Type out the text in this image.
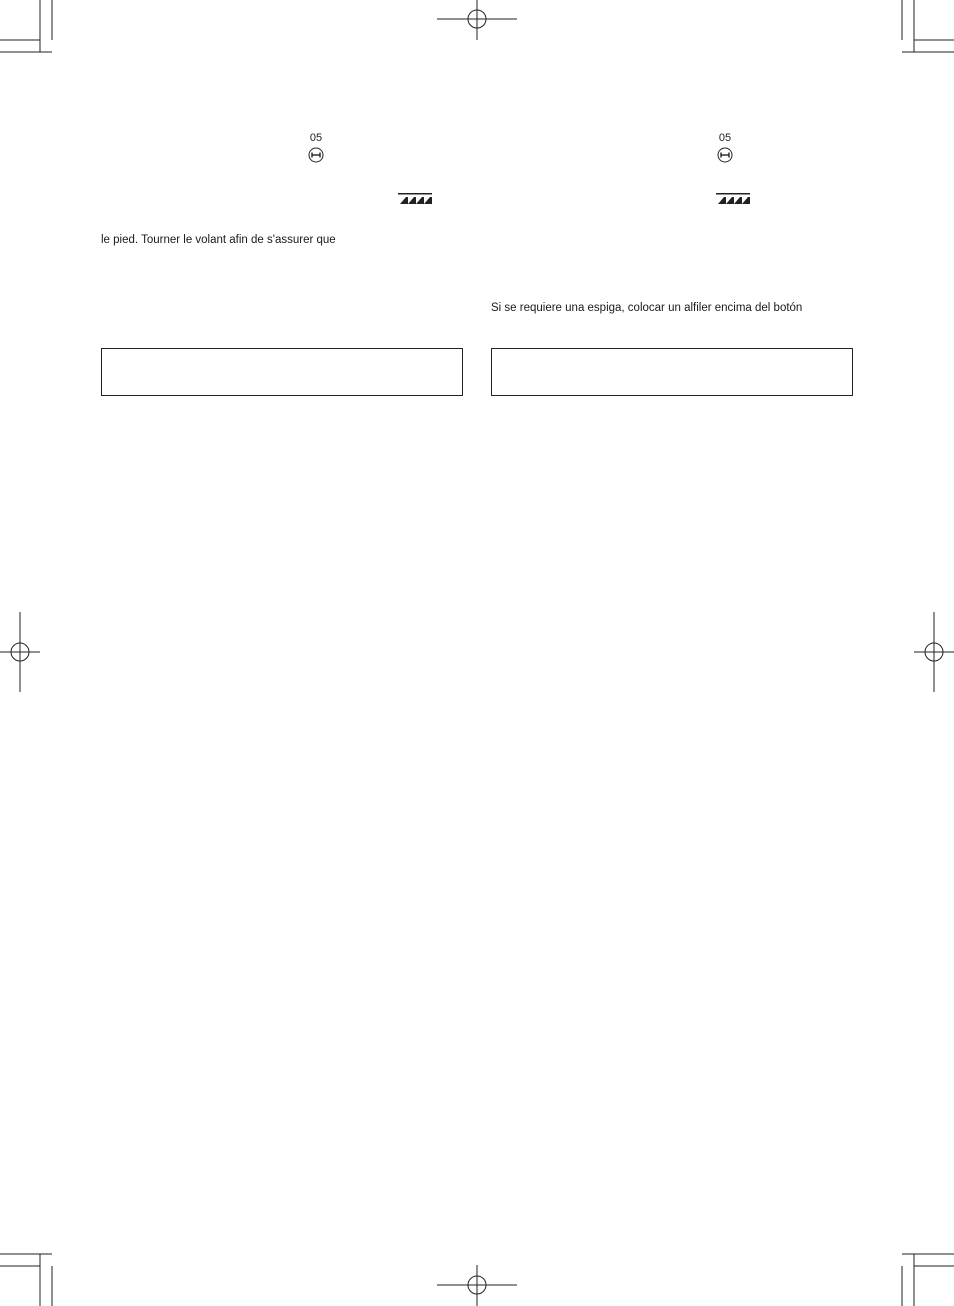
05

le pied. Tourner le volant afin de s'assurer que

05

Si se requiere una espiga, colocar un alfiler encima del botón
